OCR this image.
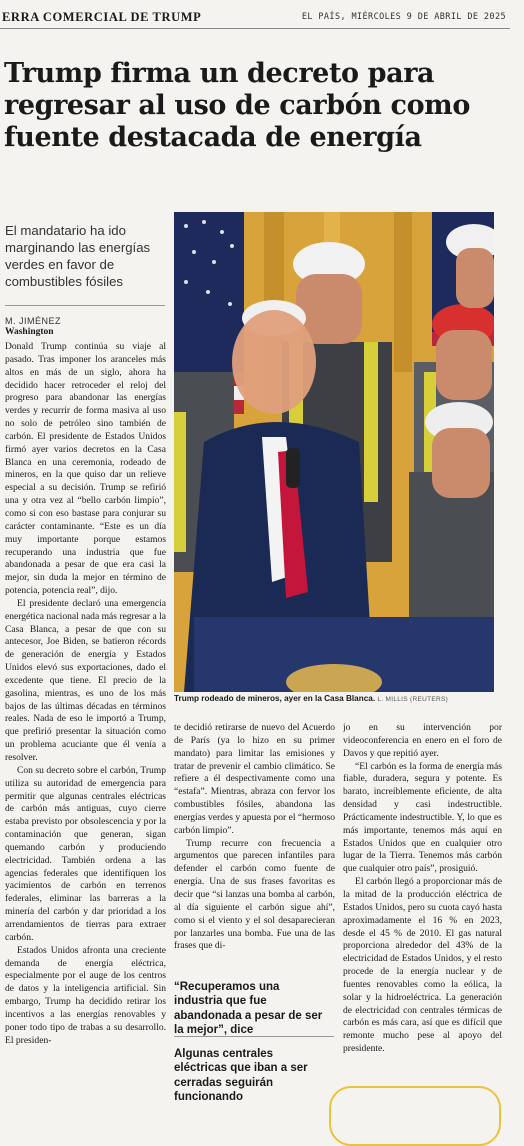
ERRA COMERCIAL DE TRUMP	EL PAÍS, MIÉRCOLES 9 DE ABRIL DE 2025
Trump firma un decreto para regresar al uso de carbón como fuente destacada de energía
El mandatario ha ido marginando las energías verdes en favor de combustibles fósiles
M. JIMÉNEZ
Washington

Donald Trump continúa su viaje al pasado. Tras imponer los aranceles más altos en más de un siglo, ahora ha decidido hacer retroceder el reloj del progreso para abandonar las energías verdes y recurrir de forma masiva al uso no solo de petróleo sino también de carbón. El presidente de Estados Unidos firmó ayer varios decretos en la Casa Blanca en una ceremonia, rodeado de mineros, en la que quiso dar un relieve especial a su decisión. Trump se refirió una y otra vez al “bello carbón limpio”, como si con eso bastase para conjurar su carácter contaminante. “Este es un día muy importante porque estamos recuperando una industria que fue abandonada a pesar de que era casi la mejor, sin duda la mejor en término de potencia, potencia real”, dijo.

El presidente declaró una emergencia energética nacional nada más regresar a la Casa Blanca, a pesar de que con su antecesor, Joe Biden, se batieron récords de generación de energía y Estados Unidos elevó sus exportaciones, dado el excedente que tiene. El precio de la gasolina, mientras, es uno de los más bajos de las últimas décadas en términos reales. Nada de eso le importó a Trump, que prefirió presentar la situación como un problema acuciante que él venía a resolver.

Con su decreto sobre el carbón, Trump utiliza su autoridad de emergencia para permitir que algunas centrales eléctricas de carbón más antiguas, cuyo cierre estaba previsto por obsolescencia y por la contaminación que generan, sigan quemando carbón y produciendo electricidad. También ordena a las agencias federales que identifiquen los yacimientos de carbón en terrenos federales, eliminar las barreras a la minería del carbón y dar prioridad a los arrendamientos de tierras para extraer carbón.

Estados Unidos afronta una creciente demanda de energía eléctrica, especialmente por el auge de los centros de datos y la inteligencia artificial. Sin embargo, Trump ha decidido retirar los incentivos a las energías renovables y poner todo tipo de trabas a su desarrollo. El presiden-

Trump rodeado de mineros, ayer en la Casa Blanca. L. MILLIS (REUTERS)

te decidió retirarse de nuevo del Acuerdo de París (ya lo hizo en su primer mandato) para limitar las emisiones y tratar de prevenir el cambio climático. Se refiere a él despectivamente como una “estafa”. Mientras, abraza con fervor los combustibles fósiles, abandona las energías verdes y apuesta por el “hermoso carbón limpio”.

Trump recurre con frecuencia a argumentos que parecen infantiles para defender el carbón como fuente de energía. Una de sus frases favoritas es decir que “si lanzas una bomba al carbón, al día siguiente el carbón sigue ahí”, como si el viento y el sol desaparecieran por lanzarles una bomba. Fue una de las frases que di-

“Recuperamos una industria que fue abandonada a pesar de ser la mejor”, dice
Algunas centrales eléctricas que iban a ser cerradas seguirán funcionando

jo en su intervención por videoconferencia en enero en el foro de Davos y que repitió ayer.

“El carbón es la forma de energía más fiable, duradera, segura y potente. Es barato, increíblemente eficiente, de alta densidad y casi indestructible. Prácticamente indestructible. Y, lo que es más importante, tenemos más aquí en Estados Unidos que en cualquier otro lugar de la Tierra. Tenemos más carbón que cualquier otro país”, prosiguió.

El carbón llegó a proporcionar más de la mitad de la producción eléctrica de Estados Unidos, pero su cuota cayó hasta aproximadamente el 16 % en 2023, desde el 45 % de 2010. El gas natural proporciona alrededor del 43% de la electricidad de Estados Unidos, y el resto procede de la energía nuclear y de fuentes renovables como la eólica, la solar y la hidroeléctrica. La generación de electricidad con centrales térmicas de carbón es más cara, así que es difícil que remonte mucho pese al apoyo del presidente.
